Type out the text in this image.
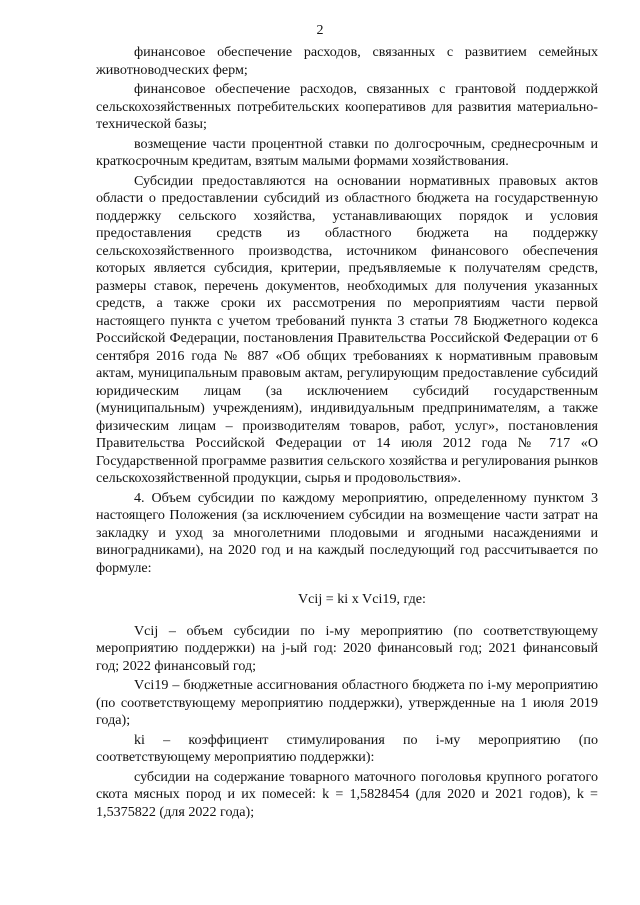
2

финансовое обеспечение расходов, связанных с развитием семейных животноводческих ферм;

финансовое обеспечение расходов, связанных с грантовой поддержкой сельскохозяйственных потребительских кооперативов для развития материально-технической базы;

возмещение части процентной ставки по долгосрочным, среднесрочным и краткосрочным кредитам, взятым малыми формами хозяйствования.

Субсидии предоставляются на основании нормативных правовых актов области о предоставлении субсидий из областного бюджета на государственную поддержку сельского хозяйства, устанавливающих порядок и условия предоставления средств из областного бюджета на поддержку сельскохозяйственного производства, источником финансового обеспечения которых является субсидия, критерии, предъявляемые к получателям средств, размеры ставок, перечень документов, необходимых для получения указанных средств, а также сроки их рассмотрения по мероприятиям части первой настоящего пункта с учетом требований пункта 3 статьи 78 Бюджетного кодекса Российской Федерации, постановления Правительства Российской Федерации от 6 сентября 2016 года № 887 «Об общих требованиях к нормативным правовым актам, муниципальным правовым актам, регулирующим предоставление субсидий юридическим лицам (за исключением субсидий государственным (муниципальным) учреждениям), индивидуальным предпринимателям, а также физическим лицам – производителям товаров, работ, услуг», постановления Правительства Российской Федерации от 14 июля 2012 года № 717 «О Государственной программе развития сельского хозяйства и регулирования рынков сельскохозяйственной продукции, сырья и продовольствия».

4. Объем субсидии по каждому мероприятию, определенному пунктом 3 настоящего Положения (за исключением субсидии на возмещение части затрат на закладку и уход за многолетними плодовыми и ягодными насаждениями и виноградниками), на 2020 год и на каждый последующий год рассчитывается по формуле:

Vcij = ki x Vci19, где:

Vcij – объем субсидии по i-му мероприятию (по соответствующему мероприятию поддержки) на j-ый год: 2020 финансовый год; 2021 финансовый год; 2022 финансовый год;

Vci19 – бюджетные ассигнования областного бюджета по i-му мероприятию (по соответствующему мероприятию поддержки), утвержденные на 1 июля 2019 года);

ki – коэффициент стимулирования по i-му мероприятию (по соответствующему мероприятию поддержки):

субсидии на содержание товарного маточного поголовья крупного рогатого скота мясных пород и их помесей: k = 1,5828454 (для 2020 и 2021 годов), k = 1,5375822 (для 2022 года);
